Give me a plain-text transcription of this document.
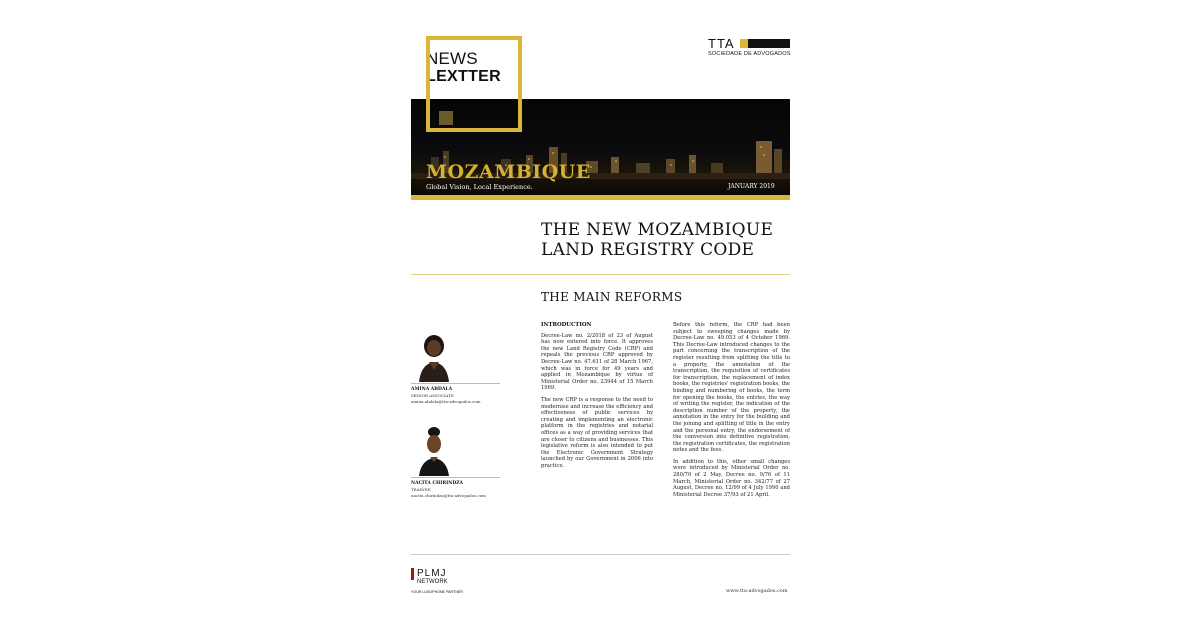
NEWS
LEXTTER
TTA
SOCIEDADE DE ADVOGADOS
MOZAMBIQUE
Global Vision, Local Experience.	JANUARY 2019
THE NEW MOZAMBIQUE LAND REGISTRY CODE
THE MAIN REFORMS
AMINA ABDALA
SENIOR ASSOCIATE
amina.abdala@tta-advogados.com
NACITA CHIRINDZA
TRAINEE
nacita.chirindza@tta-advogados.com
INTRODUCTION

Decree-Law no. 2/2018 of 23 of August has now entered into force. It approves the new Land Registry Code (CRP) and repeals the previous CRP approved by Decree-Law no. 47.611 of 28 March 1967, which was in force for 49 years and applied in Mozambique by virtue of Ministerial Order no. 23944 of 15 March 1969.

The new CRP is a response to the need to modernise and increase the efficiency and effectiveness of public services by creating and implementing an electronic platform in the registries and notarial offices as a way of providing services that are closer to citizens and businesses. This legislative reform is also intended to put the Electronic Government Strategy launched by our Government in 2006 into practice.

Before this reform, the CRP had been subject to sweeping changes made by Decree-Law no. 49.053 of 4 October 1969. This Decree-Law introduced changes to the part concerning the transcription of the register resulting from splitting the title to a property, the annotation of the transcription, the requisition of certificates for transcription, the replacement of index books, the registries' registration books, the binding and numbering of books, the term for opening the books, the entries, the way of writing the register, the indication of the description number of the property, the annotation in the entry for the building and the joining and splitting of title in the entry and the personal entry, the endorsement of the conversion into definitive registration, the registration certificates, the registration notes and the fees.

In addition to this, other small changes were introduced by Ministerial Order no. 280/70 of 2 May, Decree no. 9/76 of 11 March, Ministerial Order no. 342/77 of 27 August, Decree no. 12/99 of 4 July 1990 and Ministerial Decree 37/93 of 21 April.

PLMJ
NETWORK
YOUR LUSOPHONE PARTNER	www.tta-advogados.com
